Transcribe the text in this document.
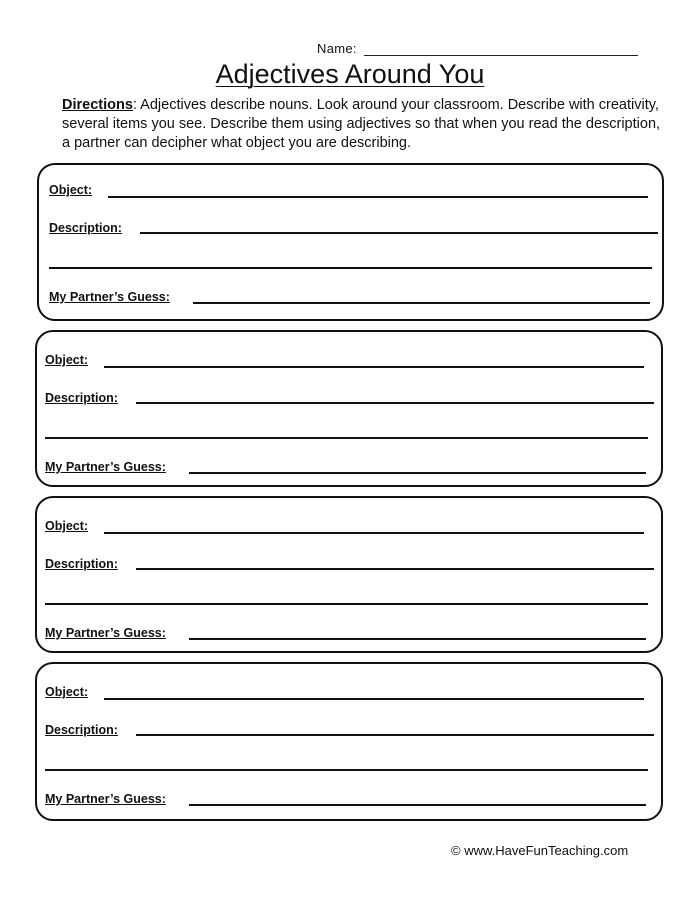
Name:
Adjectives Around You
Directions: Adjectives describe nouns. Look around your classroom. Describe with creativity, several items you see. Describe them using adjectives so that when you read the description, a partner can decipher what object you are describing.
Object:
Description:
My Partner’s Guess:
Object:
Description:
My Partner’s Guess:
Object:
Description:
My Partner’s Guess:
Object:
Description:
My Partner’s Guess:
© www.HaveFunTeaching.com
